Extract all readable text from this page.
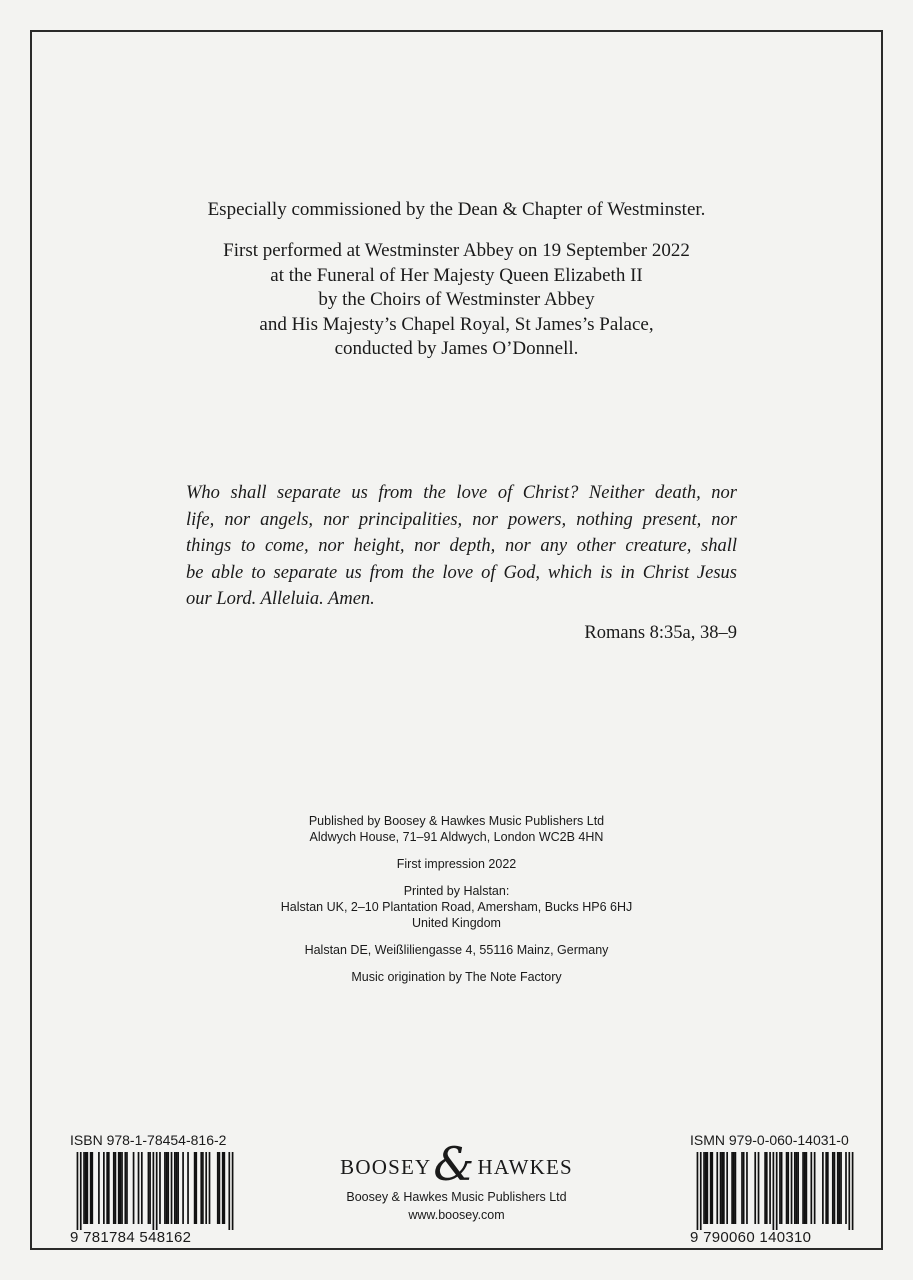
Especially commissioned by the Dean & Chapter of Westminster.
First performed at Westminster Abbey on 19 September 2022
at the Funeral of Her Majesty Queen Elizabeth II
by the Choirs of Westminster Abbey
and His Majesty’s Chapel Royal, St James’s Palace,
conducted by James O’Donnell.
Who shall separate us from the love of Christ? Neither death, nor
life, nor angels, nor principalities, nor powers, nothing present, nor
things to come, nor height, nor depth, nor any other creature, shall
be able to separate us from the love of God, which is in Christ Jesus
our Lord. Alleluia. Amen.
Romans 8:35a, 38–9
Published by Boosey & Hawkes Music Publishers Ltd
Aldwych House, 71–91 Aldwych, London WC2B 4HN
First impression 2022
Printed by Halstan:
Halstan UK, 2–10 Plantation Road, Amersham, Bucks HP6 6HJ
United Kingdom
Halstan DE, Weißliliengasse 4, 55116 Mainz, Germany
Music origination by The Note Factory
ISBN 978-1-78454-816-2
9 781784 548162
BOOSEY & HAWKES
Boosey & Hawkes Music Publishers Ltd
www.boosey.com
ISMN 979-0-060-14031-0
9 790060 140310
